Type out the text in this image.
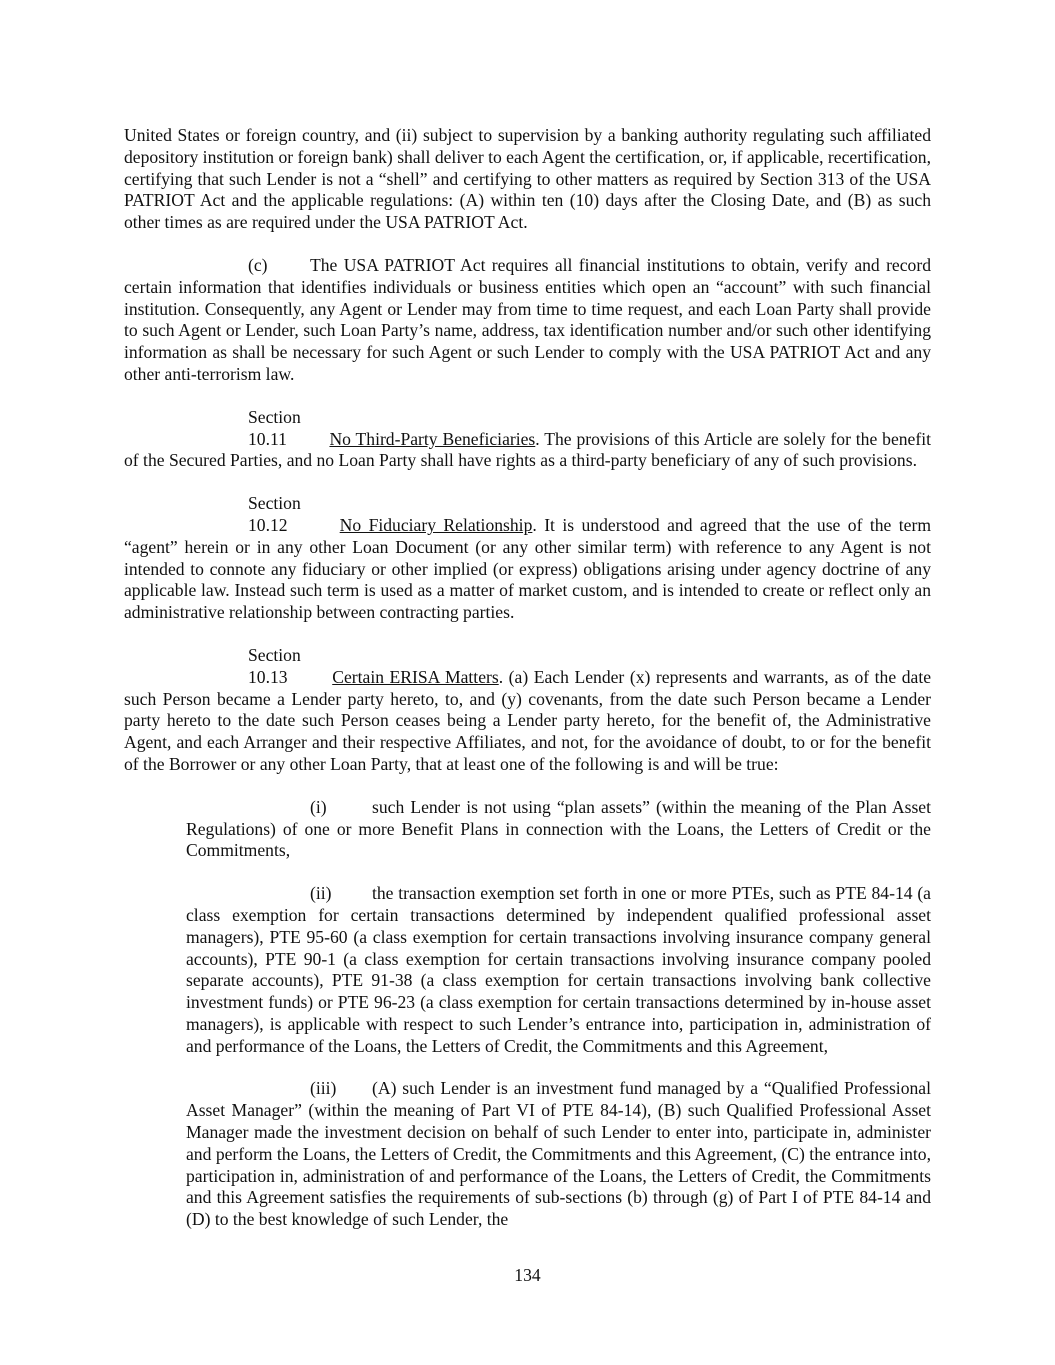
United States or foreign country, and (ii) subject to supervision by a banking authority regulating such affiliated depository institution or foreign bank) shall deliver to each Agent the certification, or, if applicable, recertification, certifying that such Lender is not a “shell” and certifying to other matters as required by Section 313 of the USA PATRIOT Act and the applicable regulations: (A) within ten (10) days after the Closing Date, and (B) as such other times as are required under the USA PATRIOT Act.

(c) The USA PATRIOT Act requires all financial institutions to obtain, verify and record certain information that identifies individuals or business entities which open an “account” with such financial institution. Consequently, any Agent or Lender may from time to time request, and each Loan Party shall provide to such Agent or Lender, such Loan Party’s name, address, tax identification number and/or such other identifying information as shall be necessary for such Agent or such Lender to comply with the USA PATRIOT Act and any other anti-terrorism law.

Section 10.11 No Third-Party Beneficiaries. The provisions of this Article are solely for the benefit of the Secured Parties, and no Loan Party shall have rights as a third-party beneficiary of any of such provisions.

Section 10.12	No Fiduciary Relationship. It is understood and agreed that the use of the term “agent” herein or in any other Loan Document (or any other similar term) with reference to any Agent is not intended to connote any fiduciary or other implied (or express) obligations arising under agency doctrine of any applicable law. Instead such term is used as a matter of market custom, and is intended to create or reflect only an administrative relationship between contracting parties.

Section 10.13	Certain ERISA Matters. (a) Each Lender (x) represents and warrants, as of the date such Person became a Lender party hereto, to, and (y) covenants, from the date such Person became a Lender party hereto to the date such Person ceases being a Lender party hereto, for the benefit of, the Administrative Agent, and each Arranger and their respective Affiliates, and not, for the avoidance of doubt, to or for the benefit of the Borrower or any other Loan Party, that at least one of the following is and will be true:

(i)	such Lender is not using “plan assets” (within the meaning of the Plan Asset Regulations) of one or more Benefit Plans in connection with the Loans, the Letters of Credit or the Commitments,

(ii) the transaction exemption set forth in one or more PTEs, such as PTE 84-14 (a class exemption for certain transactions determined by independent qualified professional asset managers), PTE 95-60 (a class exemption for certain transactions involving insurance company general accounts), PTE 90-1 (a class exemption for certain transactions involving insurance company pooled separate accounts), PTE 91-38 (a class exemption for certain transactions involving bank collective investment funds) or PTE 96-23 (a class exemption for certain transactions determined by in-house asset managers), is applicable with respect to such Lender’s entrance into, participation in, administration of and performance of the Loans, the Letters of Credit, the Commitments and this Agreement,

(iii) (A) such Lender is an investment fund managed by a “Qualified Professional Asset Manager” (within the meaning of Part VI of PTE 84-14), (B) such Qualified Professional Asset Manager made the investment decision on behalf of such Lender to enter into, participate in, administer and perform the Loans, the Letters of Credit, the Commitments and this Agreement, (C) the entrance into, participation in, administration of and performance of the Loans, the Letters of Credit, the Commitments and this Agreement satisfies the requirements of sub-sections (b) through (g) of Part I of PTE 84-14 and (D) to the best knowledge of such Lender, the

134
